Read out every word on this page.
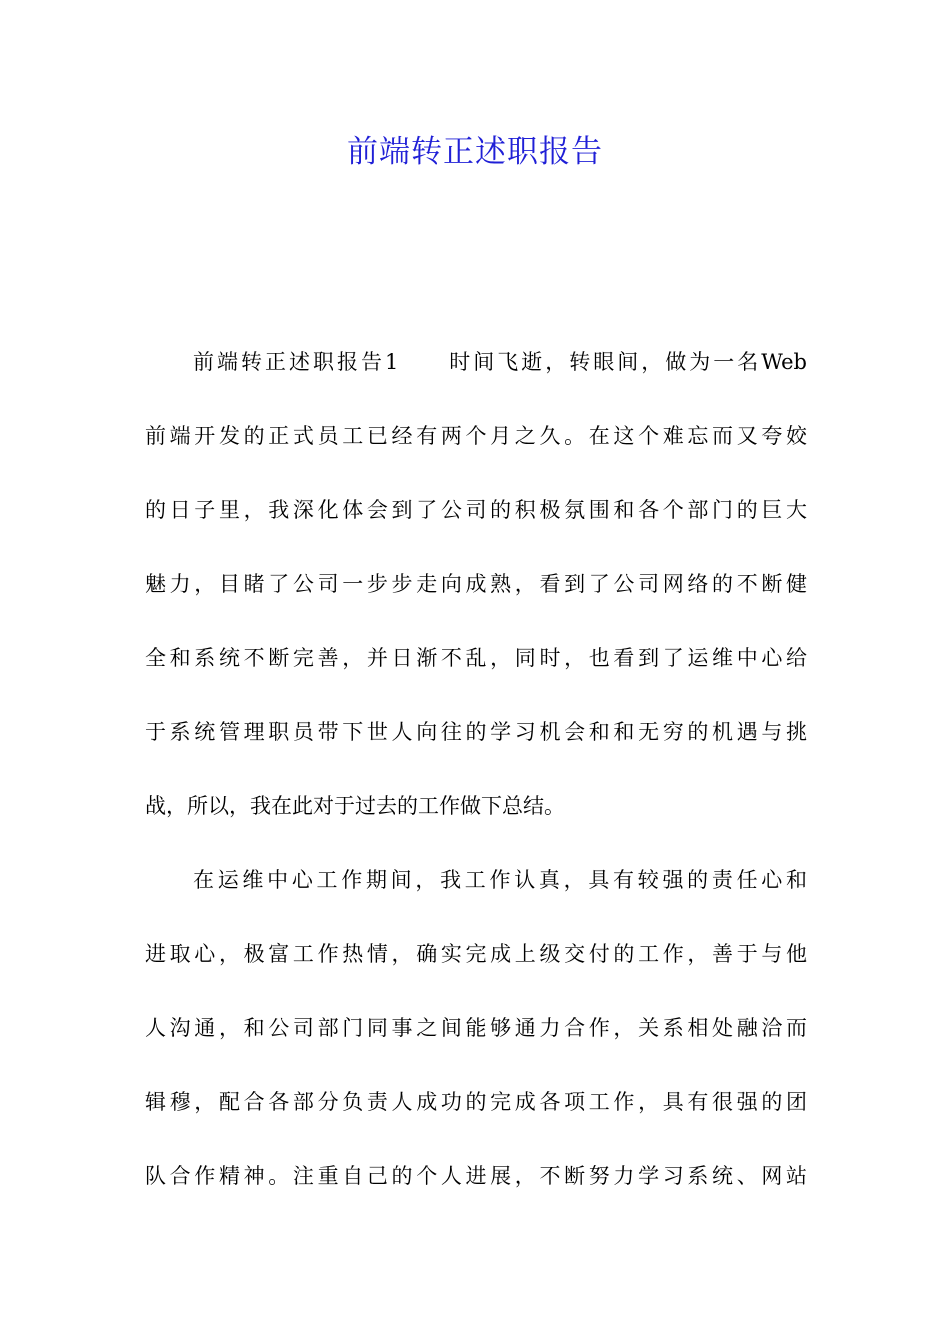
前端转正述职报告
前端转正述职报告1　　时间飞逝，转眼间，做为一名Web
前端开发的正式员工已经有两个月之久。在这个难忘而又夸姣
的日子里，我深化体会到了公司的积极氛围和各个部门的巨大
魅力，目睹了公司一步步走向成熟，看到了公司网络的不断健
全和系统不断完善，并日渐不乱，同时，也看到了运维中心给
于系统管理职员带下世人向往的学习机会和和无穷的机遇与挑
战，所以，我在此对于过去的工作做下总结。
在运维中心工作期间，我工作认真，具有较强的责任心和
进取心，极富工作热情，确实完成上级交付的工作，善于与他
人沟通，和公司部门同事之间能够通力合作，关系相处融洽而
辑穆，配合各部分负责人成功的完成各项工作，具有很强的团
队合作精神。注重自己的个人进展，不断努力学习系统、网站
